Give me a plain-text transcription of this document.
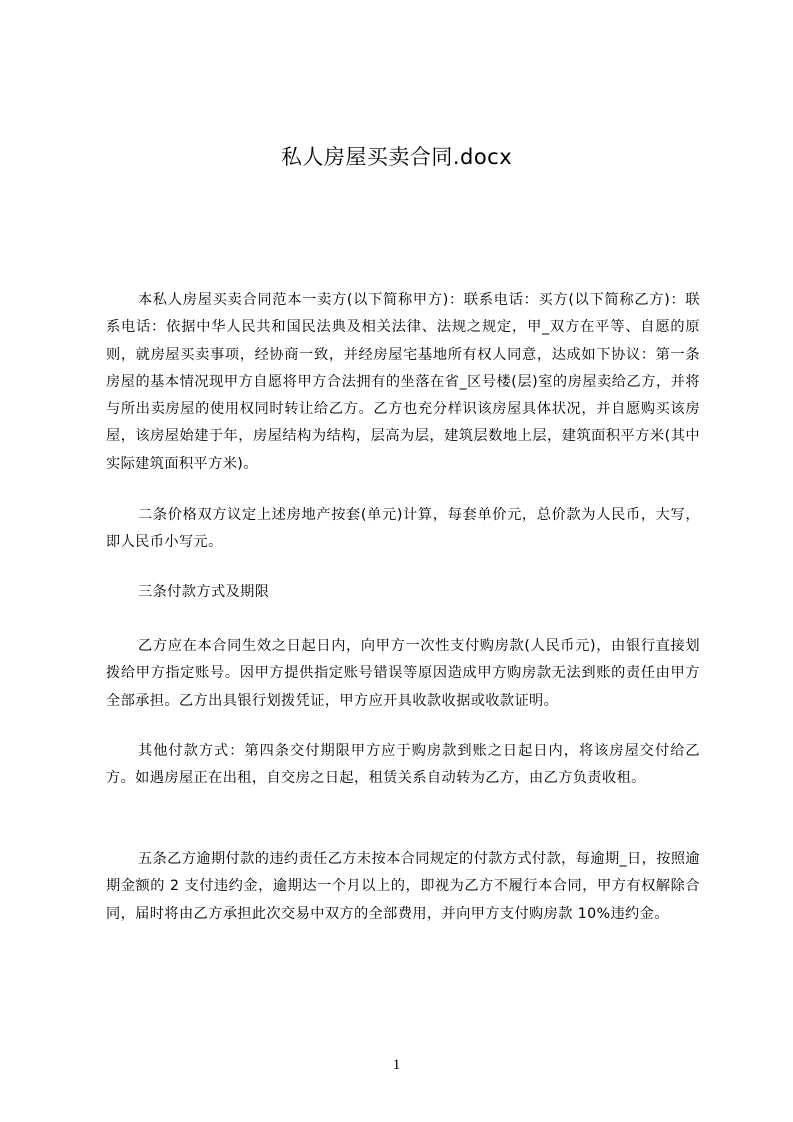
私人房屋买卖合同.docx

本私人房屋买卖合同范本一卖方(以下简称甲方)：联系电话：买方(以下简称乙方)：联系电话：依据中华人民共和国民法典及相关法律、法规之规定，甲_双方在平等、自愿的原则，就房屋买卖事项，经协商一致，并经房屋宅基地所有权人同意，达成如下协议：第一条房屋的基本情况现甲方自愿将甲方合法拥有的坐落在省_区号楼(层)室的房屋卖给乙方，并将与所出卖房屋的使用权同时转让给乙方。乙方也充分样识该房屋具体状况，并自愿购买该房屋，该房屋始建于年，房屋结构为结构，层高为层，建筑层数地上层，建筑面积平方米(其中实际建筑面积平方米)。

二条价格双方议定上述房地产按套(单元)计算，每套单价元，总价款为人民币，大写，即人民币小写元。

三条付款方式及期限

乙方应在本合同生效之日起日内，向甲方一次性支付购房款(人民币元)，由银行直接划拨给甲方指定账号。因甲方提供指定账号错误等原因造成甲方购房款无法到账的责任由甲方全部承担。乙方出具银行划拨凭证，甲方应开具收款收据或收款证明。

其他付款方式：第四条交付期限甲方应于购房款到账之日起日内，将该房屋交付给乙方。如遇房屋正在出租，自交房之日起，租赁关系自动转为乙方，由乙方负责收租。

五条乙方逾期付款的违约责任乙方未按本合同规定的付款方式付款，每逾期_日，按照逾期金额的 2 支付违约金，逾期达一个月以上的，即视为乙方不履行本合同，甲方有权解除合同，届时将由乙方承担此次交易中双方的全部费用，并向甲方支付购房款 10%违约金。

1
